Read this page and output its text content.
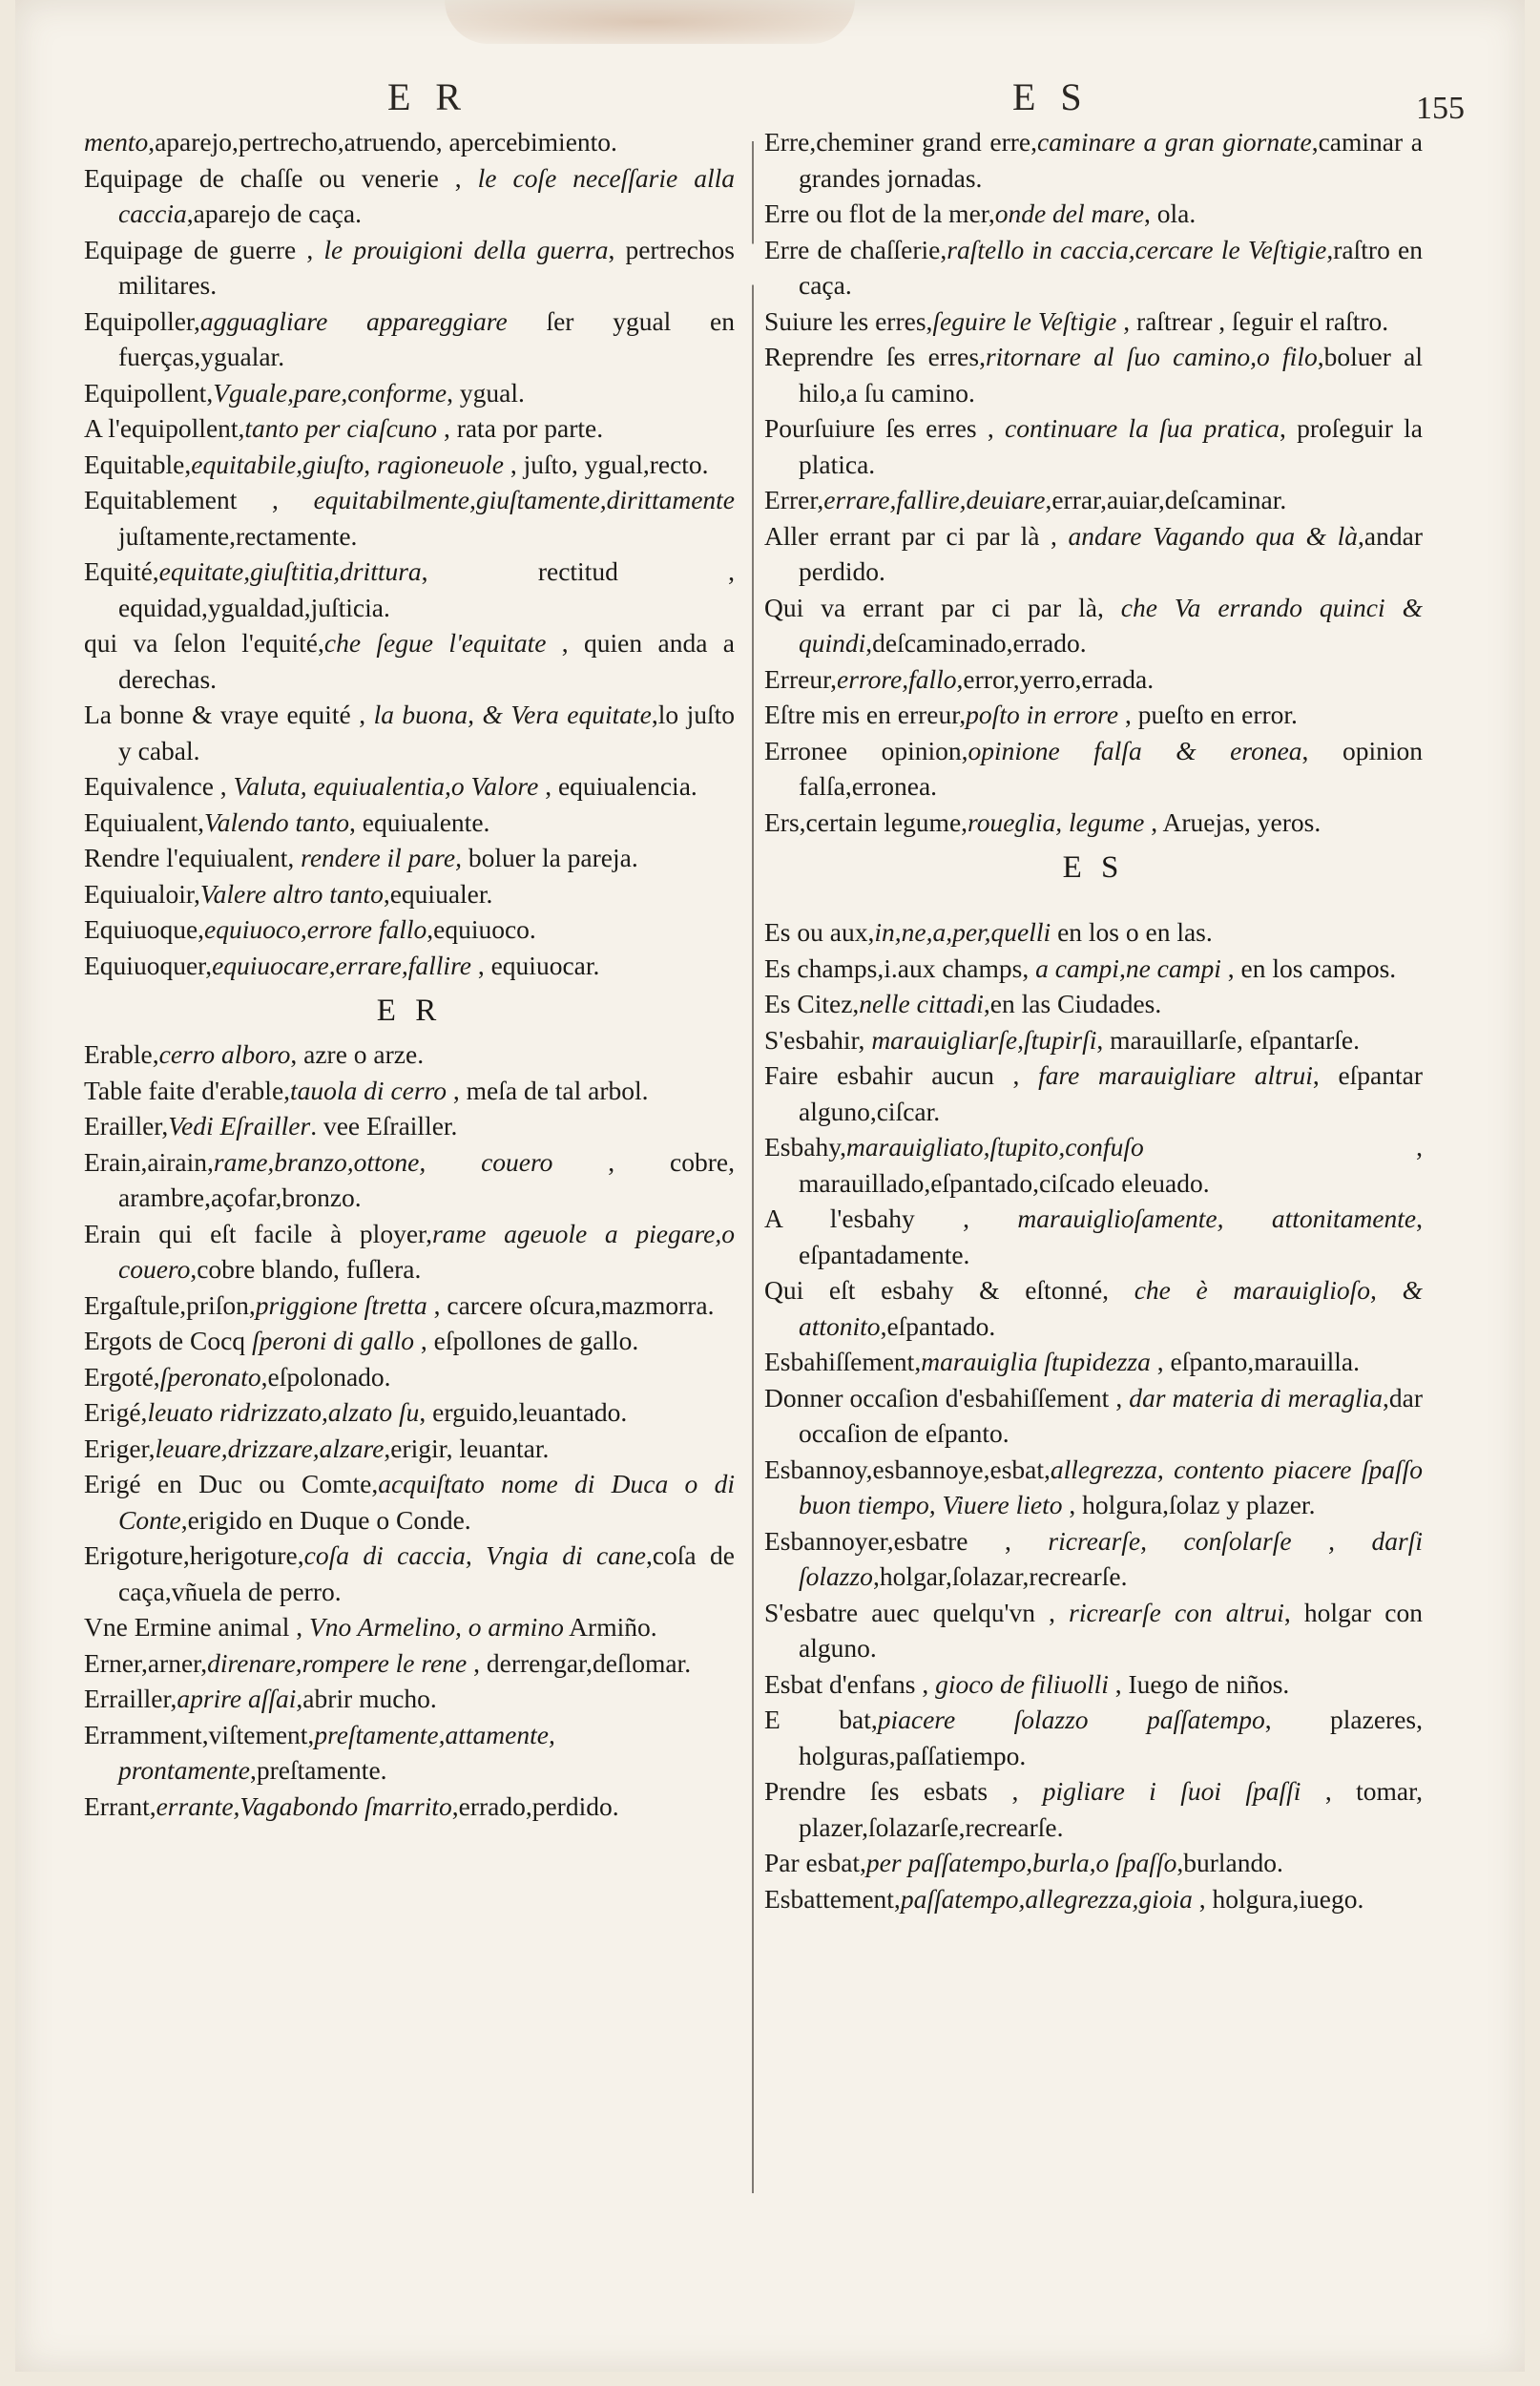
E R	E S	155
mento,aparejo,pertrecho,atruendo, apercebimiento.
Equipage de chaſſe ou venerie , le coſe neceſſarie alla caccia,aparejo de caça.
Equipage de guerre , le prouigioni della guerra, pertrechos militares.
Equipoller,agguagliare appareggiare ſer ygual en fuerças,ygualar.
Equipollent,Vguale,pare,conforme, ygual.
A l'equipollent,tanto per ciaſcuno , rata por parte.
Equitable,equitabile,giuſto, ragioneuole , juſto, ygual,recto.
Equitablement , equitabilmente,giuſtamente,dirittamente juſtamente,rectamente.
Equité,equitate,giuſtitia,drittura, rectitud , equidad,ygualdad,juſticia.
qui va ſelon l'equité,che ſegue l'equitate , quien anda a derechas.
La bonne & vraye equité , la buona, & Vera equitate,lo juſto y cabal.
Equivalence , Valuta, equiualentia,o Valore , equiualencia.
Equiualent,Valendo tanto, equiualente.
Rendre l'equiualent, rendere il pare, boluer la pareja.
Equiualoir,Valere altro tanto,equiualer.
Equiuoque,equiuoco,errore fallo,equiuoco.
Equiuoquer,equiuocare,errare,fallire , equiuocar.
E R
Erable,cerro alboro, azre o arze.
Table faite d'erable,tauola di cerro , meſa de tal arbol.
Erailler,Vedi Eſrailler. vee Eſrailler.
Erain,airain,rame,branzo,ottone, couero , cobre, arambre,açofar,bronzo.
Erain qui eſt facile à ployer,rame ageuole a piegare,o couero,cobre blando, fuſlera.
Ergaſtule,priſon,priggione ſtretta , carcere oſcura,mazmorra.
Ergots de Cocq ſperoni di gallo , eſpollones de gallo.
Ergoté,ſperonato,eſpolonado.
Erigé,leuato ridrizzato,alzato ſu, erguido,leuantado.
Eriger,leuare,drizzare,alzare,erigir, leuantar.
Erigé en Duc ou Comte,acquiſtato nome di Duca o di Conte,erigido en Duque o Conde.
Erigoture,herigoture,coſa di caccia, Vngia di cane,coſa de caça,vñuela de perro.
Vne Ermine animal , Vno Armelino, o armino Armiño.
Erner,arner,direnare,rompere le rene , derrengar,deſlomar.
Errailler,aprire aſſai,abrir mucho.
Erramment,viſtement,preſtamente,attamente, prontamente,preſtamente.
Errant,errante,Vagabondo ſmarrito,errado,perdido.
Erre,cheminer grand erre,caminare a gran giornate,caminar a grandes jornadas.
Erre ou flot de la mer,onde del mare, ola.
Erre de chaſſerie,raſtello in caccia,cercare le Veſtigie,raſtro en caça.
Suiure les erres,ſeguire le Veſtigie , raſtrear , ſeguir el raſtro.
Reprendre ſes erres,ritornare al ſuo camino,o filo,boluer al hilo,a ſu camino.
Pourſuiure ſes erres , continuare la ſua pratica, proſeguir la platica.
Errer,errare,fallire,deuiare,errar,auiar,deſcaminar.
Aller errant par ci par là , andare Vagando qua & là,andar perdido.
Qui va errant par ci par là, che Va errando quinci & quindi,deſcaminado,errado.
Erreur,errore,fallo,error,yerro,errada.
Eſtre mis en erreur,poſto in errore , pueſto en error.
Erronee opinion,opinione falſa & eronea, opinion falſa,erronea.
Ers,certain legume,roueglia, legume , Aruejas, yeros.
E S
Es ou aux,in,ne,a,per,quelli en los o en las.
Es champs,i.aux champs, a campi,ne campi , en los campos.
Es Citez,nelle cittadi,en las Ciudades.
S'esbahir, marauigliarſe,ſtupirſi, marauillarſe, eſpantarſe.
Faire esbahir aucun , fare marauigliare altrui, eſpantar alguno,ciſcar.
Esbahy,marauigliato,ſtupito,confuſo , marauillado,eſpantado,ciſcado eleuado.
A l'esbahy , marauiglioſamente, attonitamente, eſpantadamente.
Qui eſt esbahy & eſtonné, che è marauiglioſo, & attonito,eſpantado.
Esbahiſſement,marauiglia ſtupidezza , eſpanto,marauilla.
Donner occaſion d'esbahiſſement , dar materia di meraglia,dar occaſion de eſpanto.
Esbannoy,esbannoye,esbat,allegrezza, contento piacere ſpaſſo buon tiempo, Viuere lieto , holgura,ſolaz y plazer.
Esbannoyer,esbatre , ricrearſe, conſolarſe , darſi ſolazzo,holgar,ſolazar,recrearſe.
S'esbatre auec quelqu'vn , ricrearſe con altrui, holgar con alguno.
Esbat d'enfans , gioco de filiuolli , Iuego de niños.
E bat,piacere ſolazzo paſſatempo, plazeres, holguras,paſſatiempo.
Prendre ſes esbats , pigliare i ſuoi ſpaſſi , tomar, plazer,ſolazarſe,recrearſe.
Par esbat,per paſſatempo,burla,o ſpaſſo,burlando.
Esbattement,paſſatempo,allegrezza,gioia , holgura,iuego.
